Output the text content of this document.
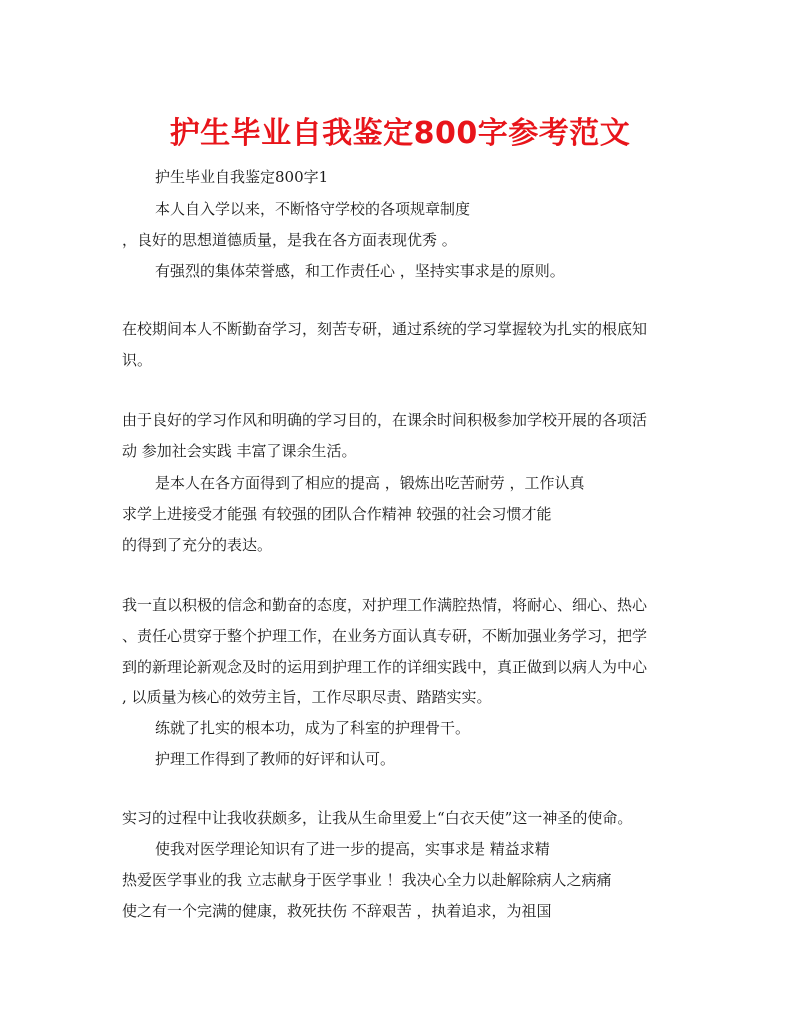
护生毕业自我鉴定800字参考范文

护生毕业自我鉴定800字1

本人自入学以来，不断恪守学校的各项规章制度

，良好的思想道德质量，是我在各方面表现优秀 。

有强烈的集体荣誉感，和工作责任心 ，坚持实事求是的原则。

在校期间本人不断勤奋学习，刻苦专研，通过系统的学习掌握较为扎实的根底知

识。

由于良好的学习作风和明确的学习目的，在课余时间积极参加学校开展的各项活

动 参加社会实践 丰富了课余生活。

是本人在各方面得到了相应的提高 ，锻炼出吃苦耐劳 ，工作认真

求学上进接受才能强 有较强的团队合作精神 较强的社会习惯才能

的得到了充分的表达。

我一直以积极的信念和勤奋的态度，对护理工作满腔热情，将耐心、细心、热心

、责任心贯穿于整个护理工作，在业务方面认真专研，不断加强业务学习，把学

到的新理论新观念及时的运用到护理工作的详细实践中，真正做到以病人为中心

, 以质量为核心的效劳主旨，工作尽职尽责、踏踏实实。

练就了扎实的根本功，成为了科室的护理骨干。

护理工作得到了教师的好评和认可。

实习的过程中让我收获颇多，让我从生命里爱上“白衣天使”这一神圣的使命。

使我对医学理论知识有了进一步的提高，实事求是 精益求精

热爱医学事业的我 立志献身于医学事业 ！我决心全力以赴解除病人之病痛

使之有一个完满的健康，救死扶伤 不辞艰苦 ，执着追求，为祖国
